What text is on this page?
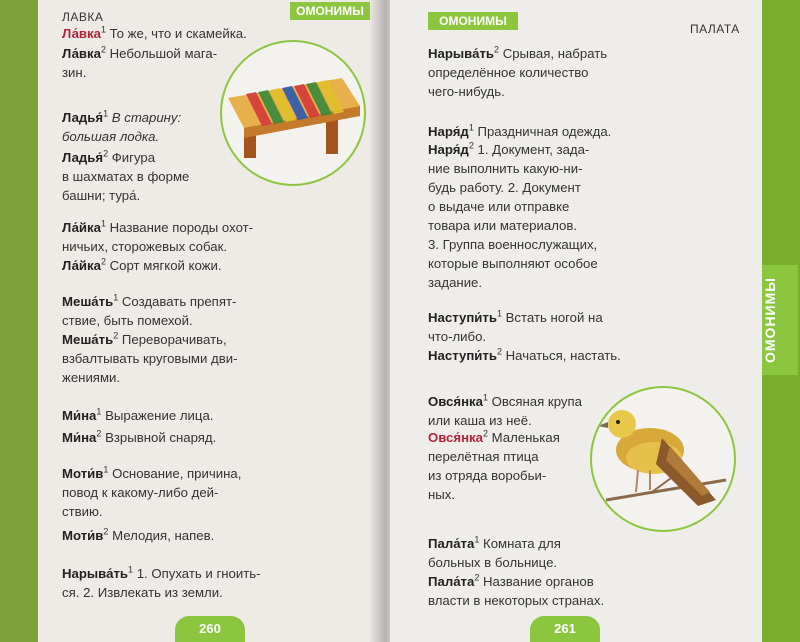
ЛАВКА	ОМОНИМЫ
ОМОНИМЫ
ПАЛАТА
Ла́вка$^1$ То же, что и скамейка.
Ла́вка$^2$ Небольшой мага-
зин.
Ладья́$^1$ В старину:
большая лодка.
Ладья́$^2$ Фигура
в шахматах в форме
башни; тура́.
Ла́йка$^1$ Название породы охот-
ничьих, сторожевых собак.
Ла́йка$^2$ Сорт мягкой кожи.
$Меша́ть^1$ Создавать препят-
ствие, быть помехой.
$Меша́ть^2$ Переворачивать,
взбалтывать круговыми дви-
жениями.
$Ми́на^1$ Выражение лица.
$Ми́на^2$ Взрывной снаряд.
$Моти́в^1$ Основание, причина,
повод к какому-либо дей-
ствию.
$Моти́в^2$ Мелодия, напев.
$Нарыва́ть^1$ 1. Опухать и гноить-
ся. 2. Извлекать из земли.
$Нарыва́ть^2$ Срывая, набрать
определённое количество
чего-нибудь.
$Наря́д^1$ Праздничная одежда.
$Наря́д^2$ 1. Документ, зада-
ние выполнить какую-ни-
будь работу. 2. Документ
о выдаче или отправке
товара или материалов.
3. Группа военнослужащих,
которые выполняют особое
задание.
$Наступи́ть^1$ Встать ногой на
что-либо.
$Наступи́ть^2$ Начаться, настать.
Овся́нка$^1$ Овсяная крупа
или каша из неё.
Овся́нка$^2$ Маленькая
перелётная птица
из отряда воробьи-
ных.
$Пала́та^1$ Комната для
больных в больнице.
$Пала́та^2$ Название органов
власти в некоторых странах.
ОМОНИМЫ
260	261
